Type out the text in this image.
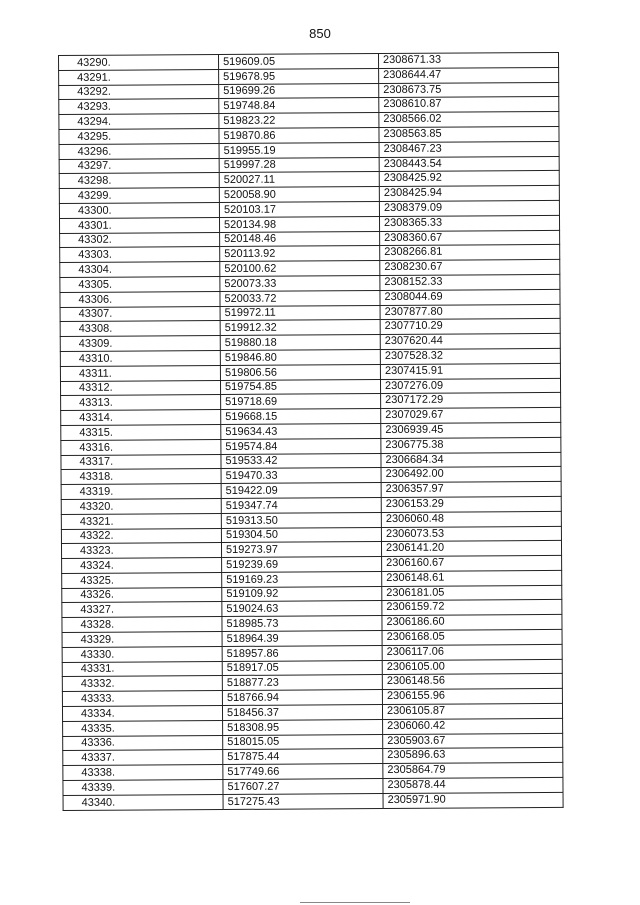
850
43290.	519609.05	2308671.33
43291.	519678.95	2308644.47
43292.	519699.26	2308673.75
43293.	519748.84	2308610.87
43294.	519823.22	2308566.02
43295.	519870.86	2308563.85
43296.	519955.19	2308467.23
43297.	519997.28	2308443.54
43298.	520027.11	2308425.92
43299.	520058.90	2308425.94
43300.	520103.17	2308379.09
43301.	520134.98	2308365.33
43302.	520148.46	2308360.67
43303.	520113.92	2308266.81
43304.	520100.62	2308230.67
43305.	520073.33	2308152.33
43306.	520033.72	2308044.69
43307.	519972.11	2307877.80
43308.	519912.32	2307710.29
43309.	519880.18	2307620.44
43310.	519846.80	2307528.32
43311.	519806.56	2307415.91
43312.	519754.85	2307276.09
43313.	519718.69	2307172.29
43314.	519668.15	2307029.67
43315.	519634.43	2306939.45
43316.	519574.84	2306775.38
43317.	519533.42	2306684.34
43318.	519470.33	2306492.00
43319.	519422.09	2306357.97
43320.	519347.74	2306153.29
43321.	519313.50	2306060.48
43322.	519304.50	2306073.53
43323.	519273.97	2306141.20
43324.	519239.69	2306160.67
43325.	519169.23	2306148.61
43326.	519109.92	2306181.05
43327.	519024.63	2306159.72
43328.	518985.73	2306186.60
43329.	518964.39	2306168.05
43330.	518957.86	2306117.06
43331.	518917.05	2306105.00
43332.	518877.23	2306148.56
43333.	518766.94	2306155.96
43334.	518456.37	2306105.87
43335.	518308.95	2306060.42
43336.	518015.05	2305903.67
43337.	517875.44	2305896.63
43338.	517749.66	2305864.79
43339.	517607.27	2305878.44
43340.	517275.43	2305971.90
